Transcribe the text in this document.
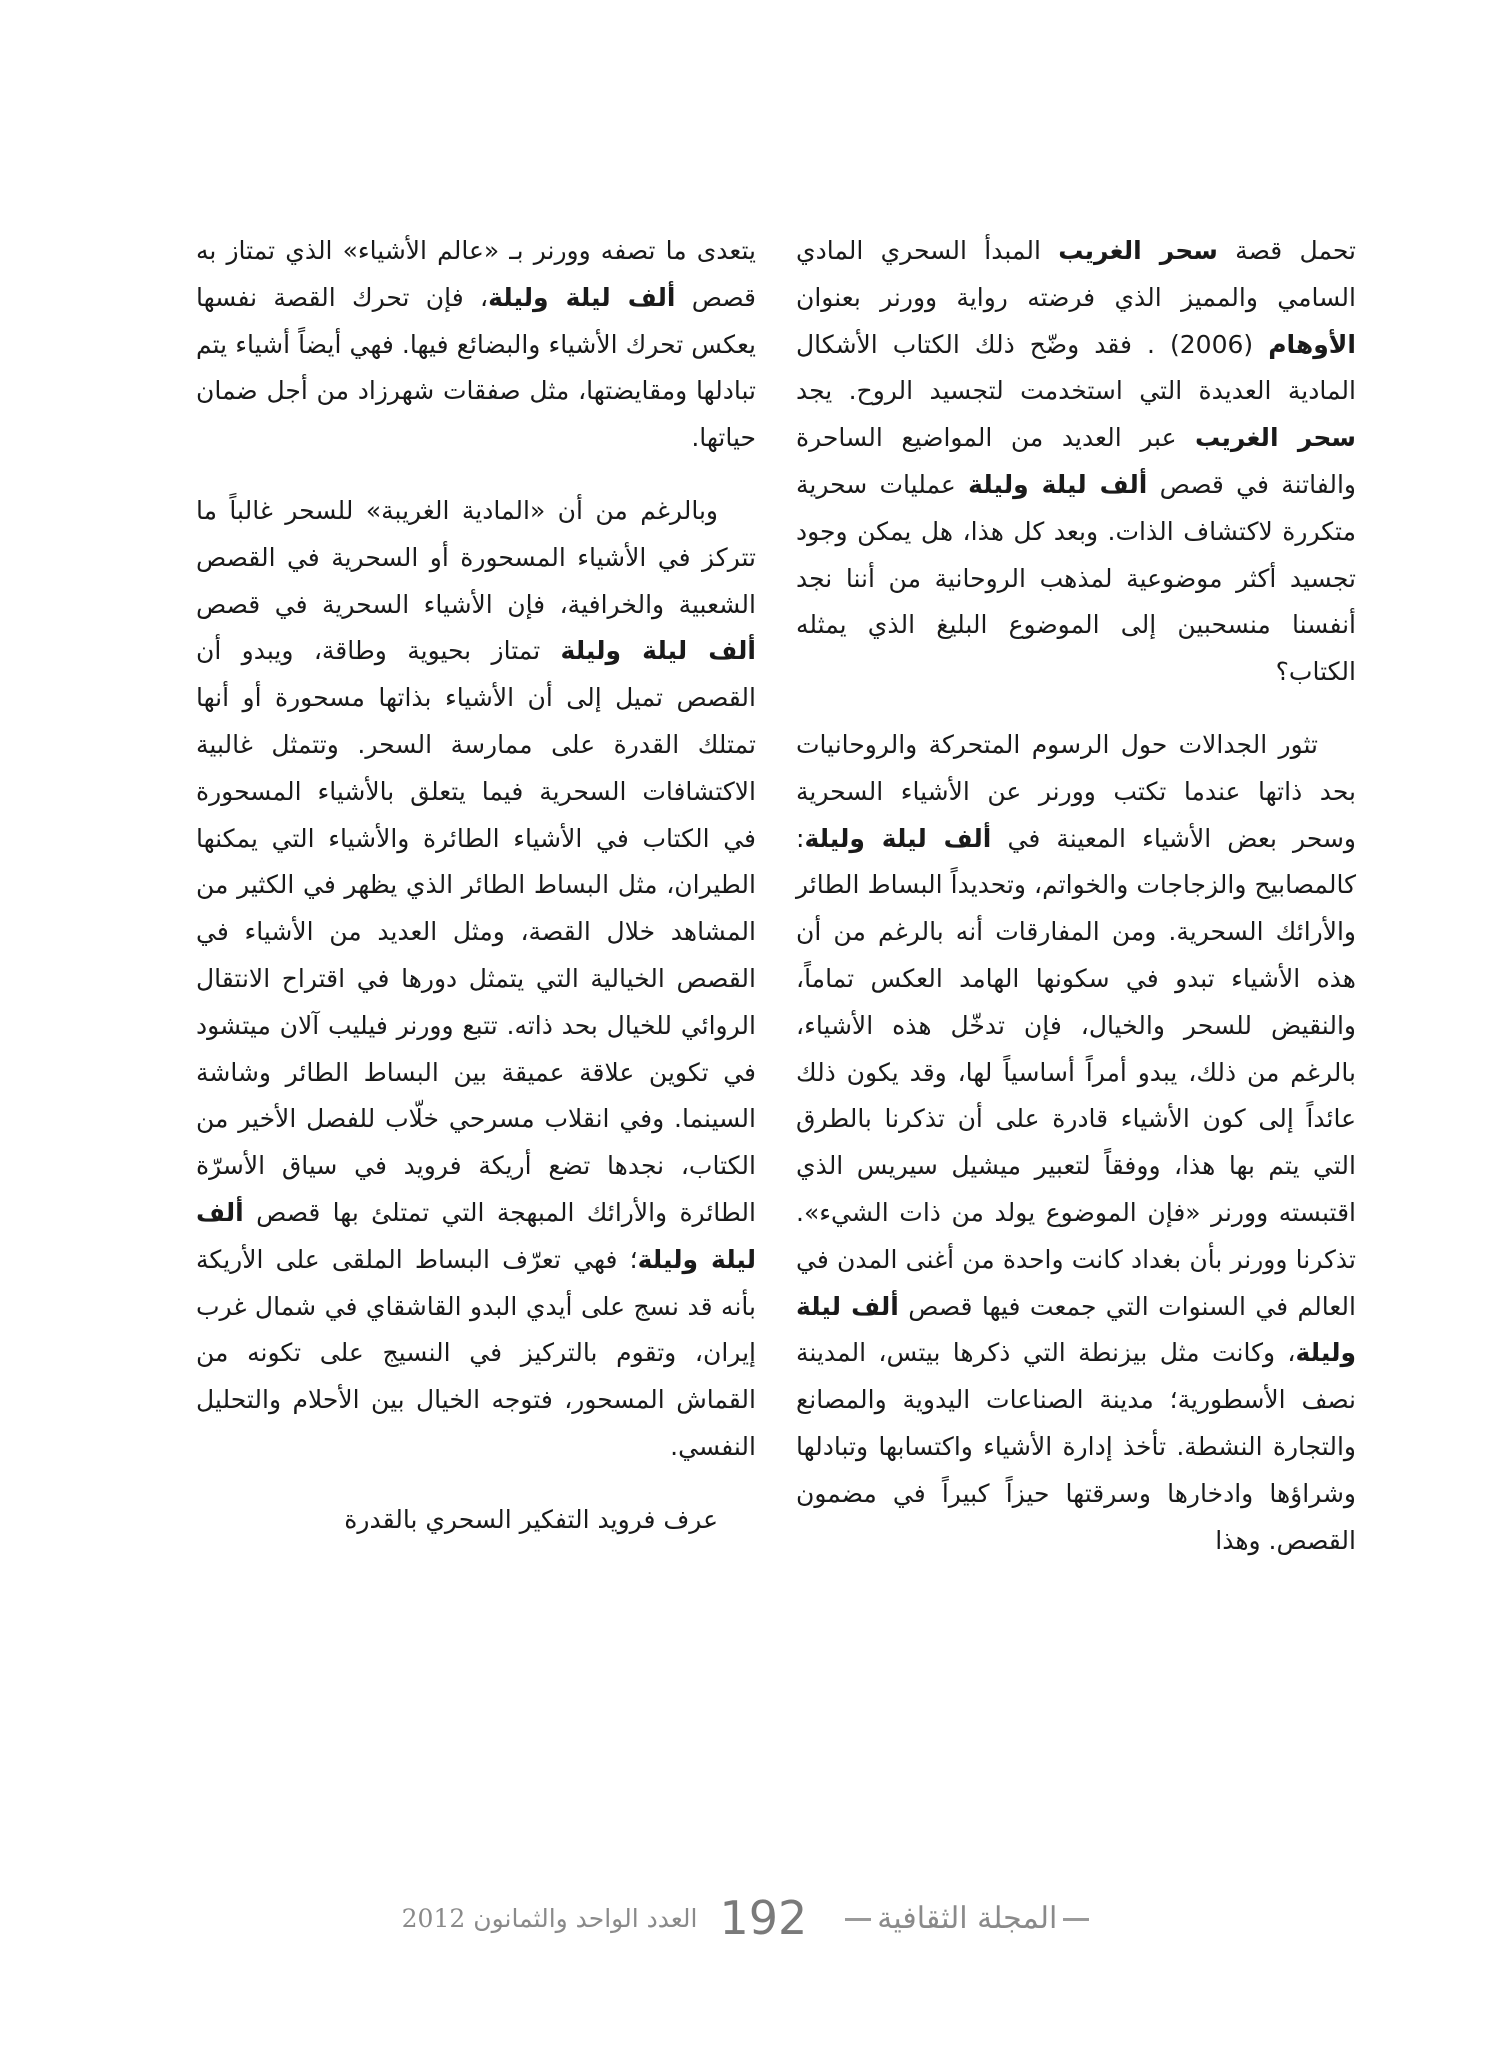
تحمل قصة سحر الغريب المبدأ السحري المادي السامي والمميز الذي فرضته رواية وورنر بعنوان الأوهام (2006) . فقد وضّح ذلك الكتاب الأشكال المادية العديدة التي استخدمت لتجسيد الروح. يجد سحر الغريب عبر العديد من المواضيع الساحرة والفاتنة في قصص ألف ليلة وليلة عمليات سحرية متكررة لاكتشاف الذات. وبعد كل هذا، هل يمكن وجود تجسيد أكثر موضوعية لمذهب الروحانية من أننا نجد أنفسنا منسحبين إلى الموضوع البليغ الذي يمثله الكتاب؟

تثور الجدالات حول الرسوم المتحركة والروحانيات بحد ذاتها عندما تكتب وورنر عن الأشياء السحرية وسحر بعض الأشياء المعينة في ألف ليلة وليلة: كالمصابيح والزجاجات والخواتم، وتحديداً البساط الطائر والأرائك السحرية. ومن المفارقات أنه بالرغم من أن هذه الأشياء تبدو في سكونها الهامد العكس تماماً، والنقيض للسحر والخيال، فإن تدخّل هذه الأشياء، بالرغم من ذلك، يبدو أمراً أساسياً لها، وقد يكون ذلك عائداً إلى كون الأشياء قادرة على أن تذكرنا بالطرق التي يتم بها هذا، ووفقاً لتعبير ميشيل سيريس الذي اقتبسته وورنر «فإن الموضوع يولد من ذات الشيء». تذكرنا وورنر بأن بغداد كانت واحدة من أغنى المدن في العالم في السنوات التي جمعت فيها قصص ألف ليلة وليلة، وكانت مثل بيزنطة التي ذكرها بيتس، المدينة نصف الأسطورية؛ مدينة الصناعات اليدوية والمصانع والتجارة النشطة. تأخذ إدارة الأشياء واكتسابها وتبادلها وشراؤها وادخارها وسرقتها حيزاً كبيراً في مضمون القصص. وهذا

يتعدى ما تصفه وورنر بـ «عالم الأشياء» الذي تمتاز به قصص ألف ليلة وليلة، فإن تحرك القصة نفسها يعكس تحرك الأشياء والبضائع فيها. فهي أيضاً أشياء يتم تبادلها ومقايضتها، مثل صفقات شهرزاد من أجل ضمان حياتها.

وبالرغم من أن «المادية الغريبة» للسحر غالباً ما تتركز في الأشياء المسحورة أو السحرية في القصص الشعبية والخرافية، فإن الأشياء السحرية في قصص ألف ليلة وليلة تمتاز بحيوية وطاقة، ويبدو أن القصص تميل إلى أن الأشياء بذاتها مسحورة أو أنها تمتلك القدرة على ممارسة السحر. وتتمثل غالبية الاكتشافات السحرية فيما يتعلق بالأشياء المسحورة في الكتاب في الأشياء الطائرة والأشياء التي يمكنها الطيران، مثل البساط الطائر الذي يظهر في الكثير من المشاهد خلال القصة، ومثل العديد من الأشياء في القصص الخيالية التي يتمثل دورها في اقتراح الانتقال الروائي للخيال بحد ذاته. تتبع وورنر فيليب آلان ميتشود في تكوين علاقة عميقة بين البساط الطائر وشاشة السينما. وفي انقلاب مسرحي خلّاب للفصل الأخير من الكتاب، نجدها تضع أريكة فرويد في سياق الأسرّة الطائرة والأرائك المبهجة التي تمتلئ بها قصص ألف ليلة وليلة؛ فهي تعرّف البساط الملقى على الأريكة بأنه قد نسج على أيدي البدو القاشقاي في شمال غرب إيران، وتقوم بالتركيز في النسيج على تكونه من القماش المسحور، فتوجه الخيال بين الأحلام والتحليل النفسي.

عرف فرويد التفكير السحري بالقدرة

المجلة الثقافية
192
العدد الواحد والثمانون 2012
